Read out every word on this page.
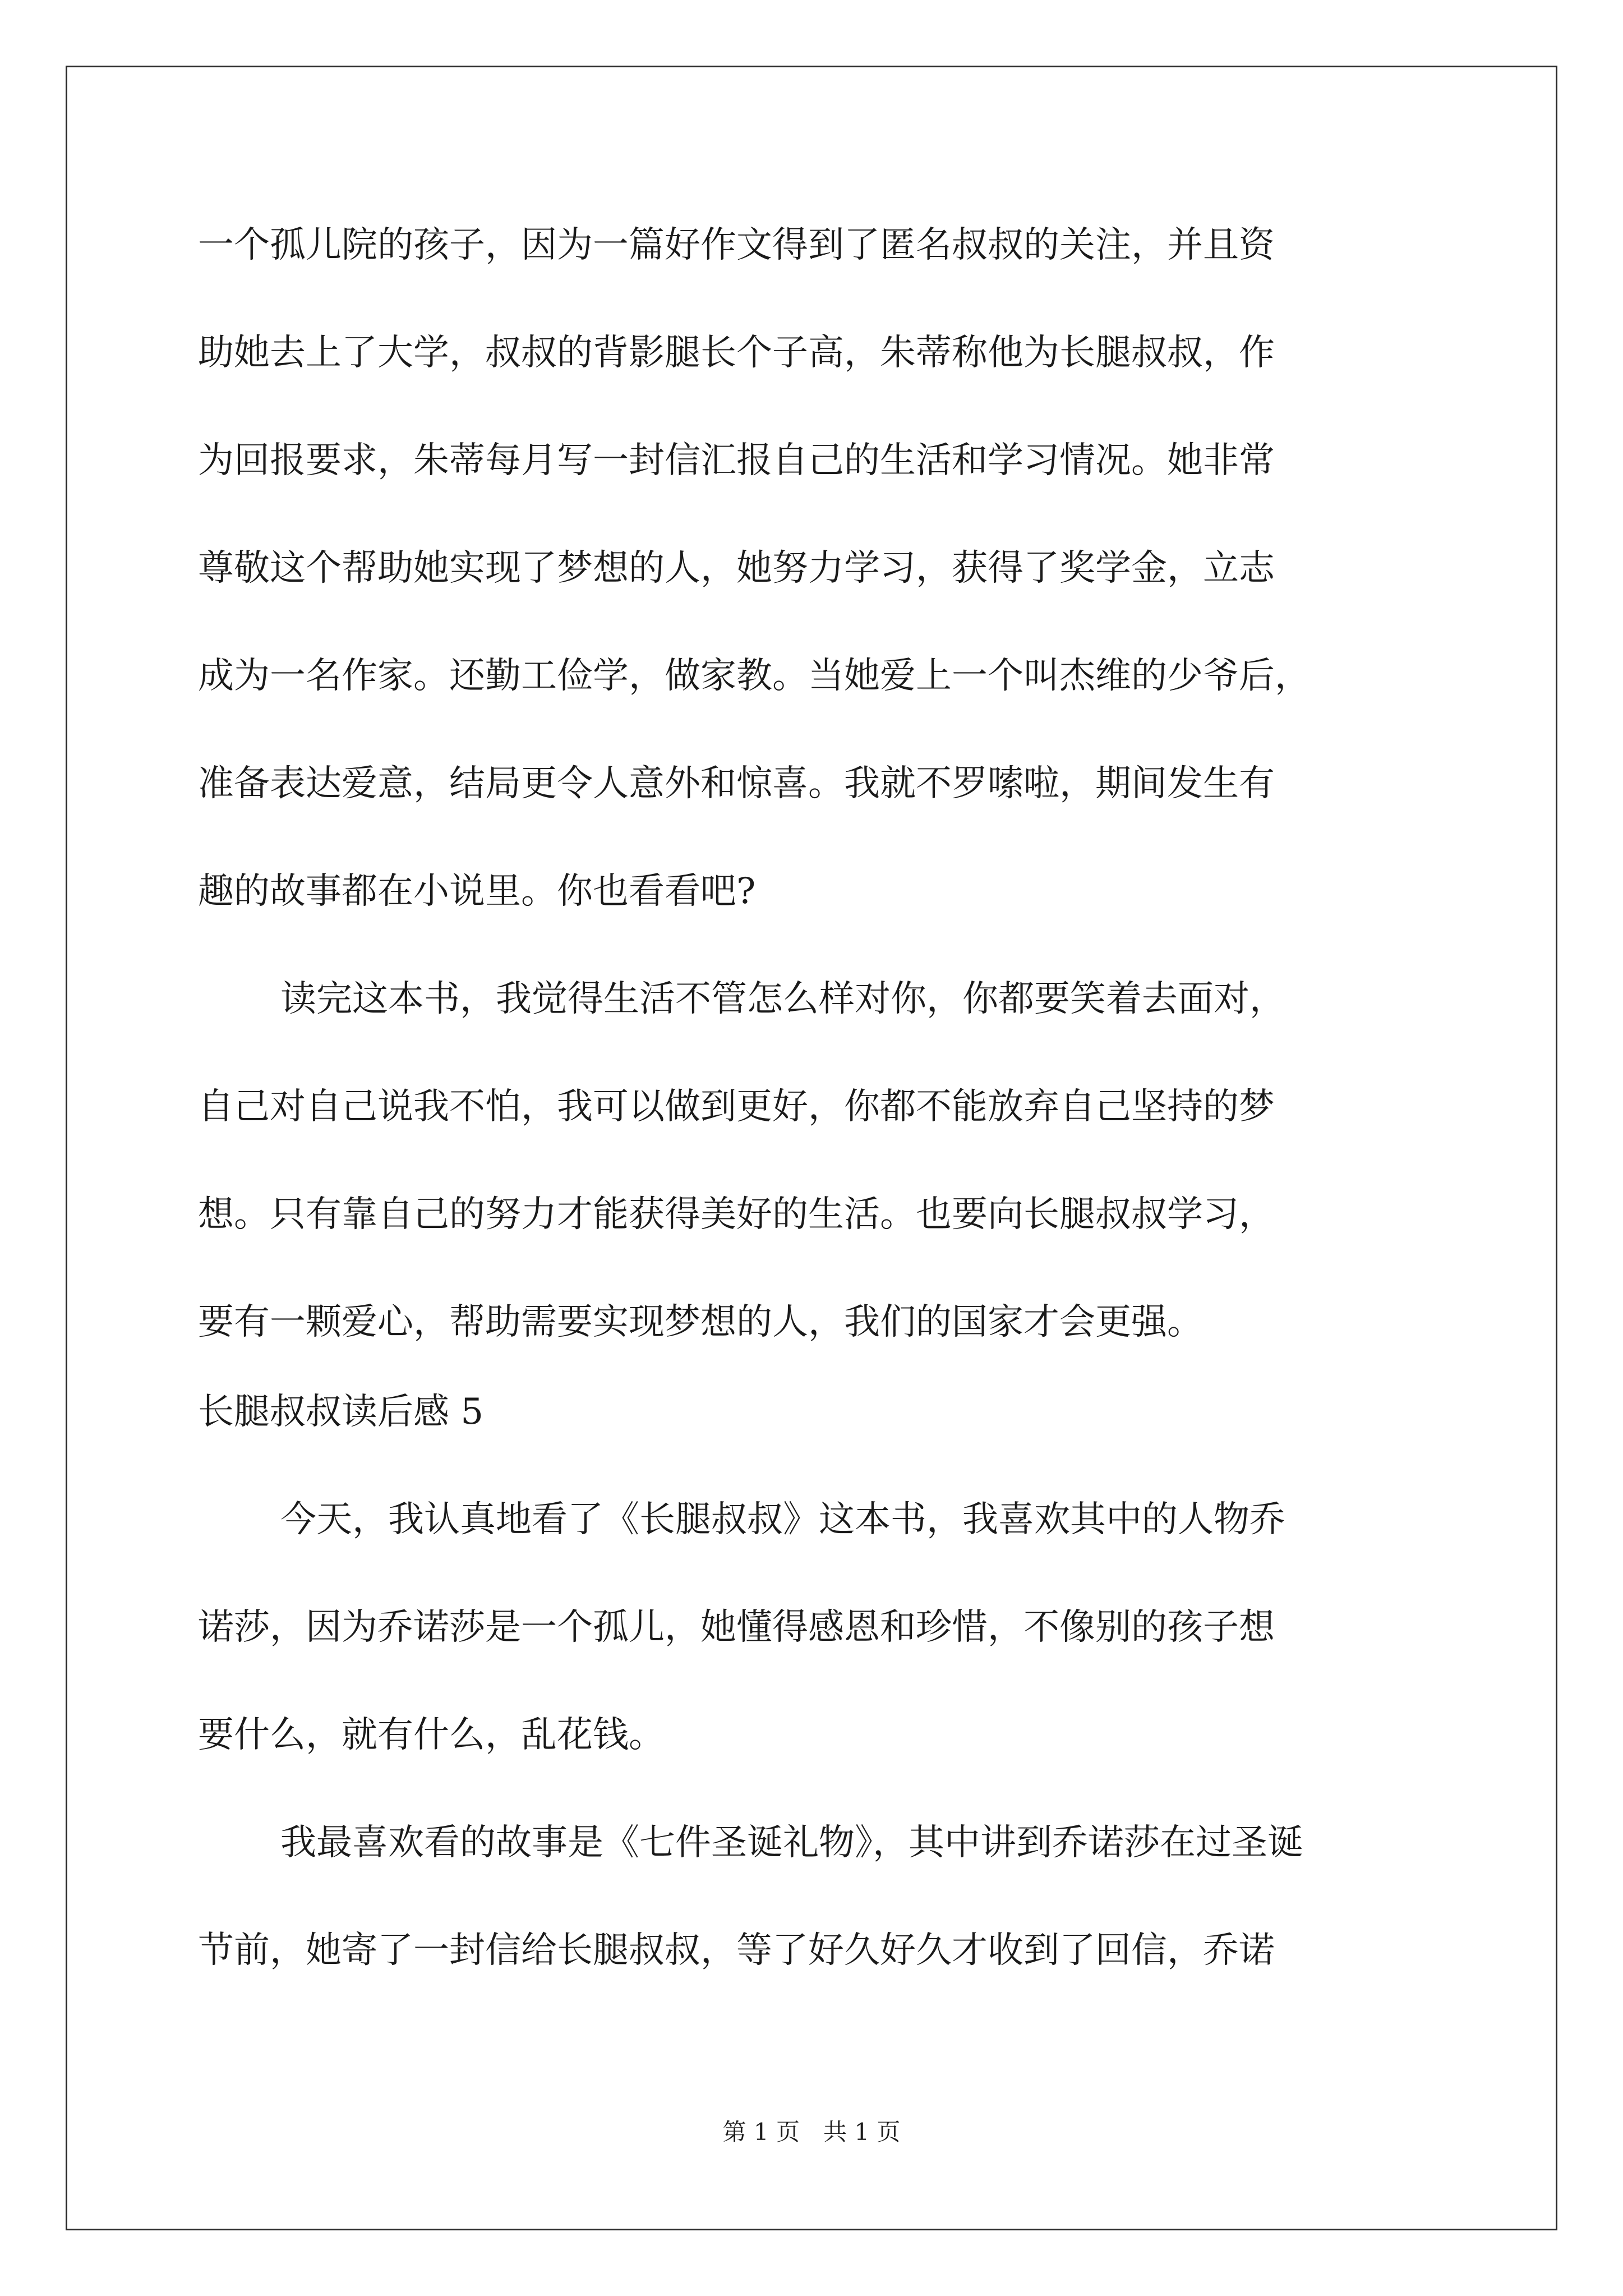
一个孤儿院的孩子，因为一篇好作文得到了匿名叔叔的关注，并且资
助她去上了大学，叔叔的背影腿长个子高，朱蒂称他为长腿叔叔，作
为回报要求，朱蒂每月写一封信汇报自己的生活和学习情况。她非常
尊敬这个帮助她实现了梦想的人，她努力学习，获得了奖学金，立志
成为一名作家。还勤工俭学，做家教。当她爱上一个叫杰维的少爷后，
准备表达爱意，结局更令人意外和惊喜。我就不罗嗦啦，期间发生有
趣的故事都在小说里。你也看看吧?
读完这本书，我觉得生活不管怎么样对你，你都要笑着去面对，
自己对自己说我不怕，我可以做到更好，你都不能放弃自己坚持的梦
想。只有靠自己的努力才能获得美好的生活。也要向长腿叔叔学习，
要有一颗爱心，帮助需要实现梦想的人，我们的国家才会更强。
长腿叔叔读后感 5
今天，我认真地看了《长腿叔叔》这本书，我喜欢其中的人物乔
诺莎，因为乔诺莎是一个孤儿，她懂得感恩和珍惜，不像别的孩子想
要什么，就有什么，乱花钱。
我最喜欢看的故事是《七件圣诞礼物》，其中讲到乔诺莎在过圣诞
节前，她寄了一封信给长腿叔叔，等了好久好久才收到了回信，乔诺
第 1 页　共 1 页
